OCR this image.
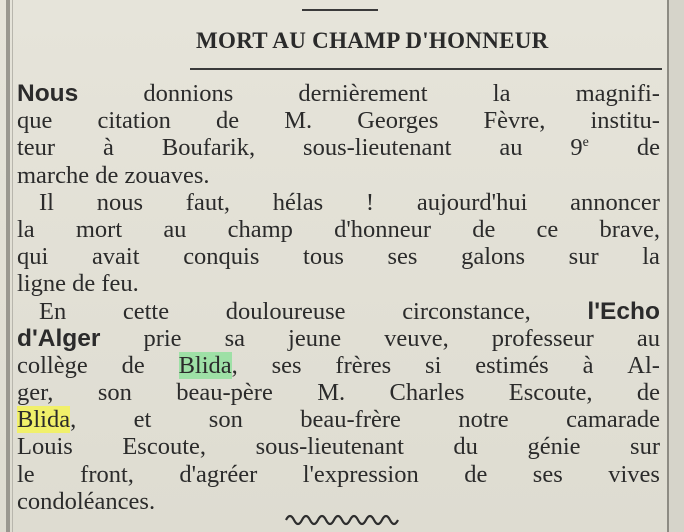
MORT AU CHAMP D'HONNEUR
Nous	donnions	dernièrement	la	magnifi-
que citation de M. Georges Fèvre, institu-
teur à Boufarik, sous-lieutenant au 9e de
marche de zouaves.
Il nous faut, hélas ! aujourd'hui annoncer
la mort au champ d'honneur de ce brave,
qui avait conquis tous ses galons sur la
ligne de feu.
En cette douloureuse circonstance, l'Echo
d'Alger prie sa jeune veuve, professeur au
collège de Blida, ses frères si estimés à Al-
ger, son beau-père M. Charles Escoute, de
Blida, et son beau-frère notre camarade
Louis Escoute, sous-lieutenant du génie sur
le front, d'agréer l'expression de ses vives
condoléances.
